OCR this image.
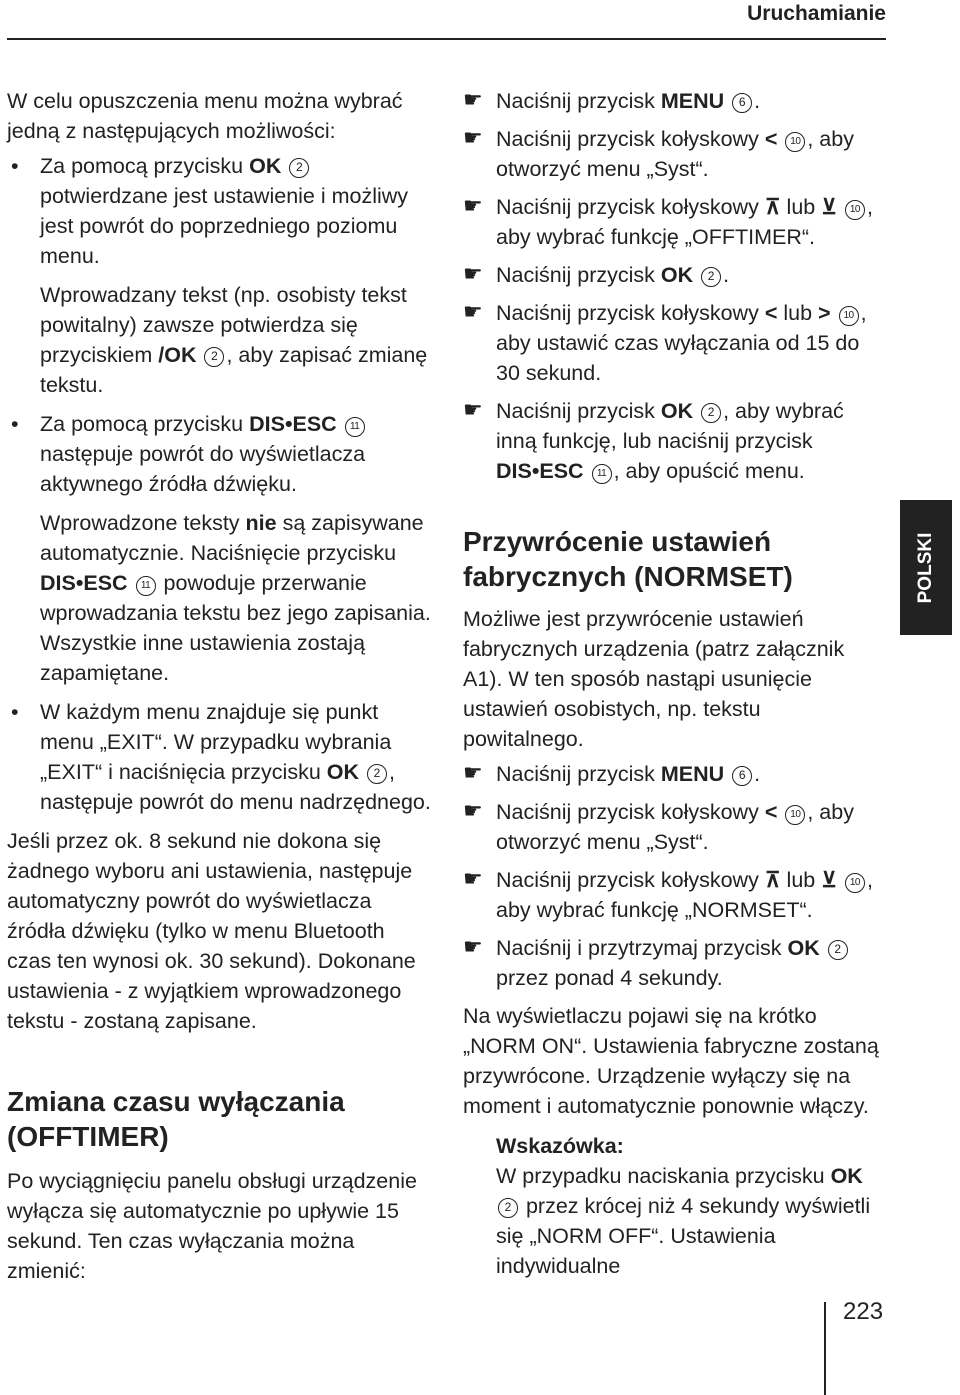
Uruchamianie

W celu opuszczenia menu można wybrać jedną z następujących możliwości:

• Za pomocą przycisku OK 2 potwierdzane jest ustawienie i możliwy jest powrót do poprzedniego poziomu menu.
Wprowadzany tekst (np. osobisty tekst powitalny) zawsze potwierdza się przyciskiem /OK 2 , aby zapisać zmianę tekstu.
• Za pomocą przycisku DIS•ESC 11 następuje powrót do wyświetlacza aktywnego źródła dźwięku.
Wprowadzone teksty nie są zapisywane automatycznie. Naciśnięcie przycisku DIS•ESC 11 powoduje przerwanie wprowadzania tekstu bez jego zapisania. Wszystkie inne ustawienia zostają zapamiętane.
• W każdym menu znajduje się punkt menu „EXIT“. W przypadku wybrania „EXIT“ i naciśnięcia przycisku OK 2 , następuje powrót do menu nadrzędnego.

Jeśli przez ok. 8 sekund nie dokona się żadnego wyboru ani ustawienia, następuje automatyczny powrót do wyświetlacza źródła dźwięku (tylko w menu Bluetooth czas ten wynosi ok. 30 sekund). Dokonane ustawienia - z wyjątkiem wprowadzonego tekstu - zostaną zapisane.

Zmiana czasu wyłączania (OFFTIMER)

Po wyciągnięciu panelu obsługi urządzenie wyłącza się automatycznie po upływie 15 sekund. Ten czas wyłączania można zmienić:

☛ Naciśnij przycisk MENU 6 .
☛ Naciśnij przycisk kołyskowy < 10 , aby otworzyć menu „Syst“.
☛ Naciśnij przycisk kołyskowy ⊼ lub ⊻ 10 , aby wybrać funkcję „OFFTIMER“.
☛ Naciśnij przycisk OK 2 .
☛ Naciśnij przycisk kołyskowy < lub > 10 , aby ustawić czas wyłączania od 15 do 30 sekund.
☛ Naciśnij przycisk OK 2 , aby wybrać inną funkcję, lub naciśnij przycisk DIS•ESC 11 , aby opuścić menu.
Przywrócenie ustawień fabrycznych (NORMSET)

Możliwe jest przywrócenie ustawień fabrycznych urządzenia (patrz załącznik A1). W ten sposób nastąpi usunięcie ustawień osobistych, np. tekstu powitalnego.

☛ Naciśnij przycisk MENU 6 .
☛ Naciśnij przycisk kołyskowy < 10 , aby otworzyć menu „Syst“.
☛ Naciśnij przycisk kołyskowy ⊼ lub ⊻ 10 , aby wybrać funkcję „NORMSET“.
☛ Naciśnij i przytrzymaj przycisk OK 2 przez ponad 4 sekundy.

Na wyświetlaczu pojawi się na krótko „NORM ON“. Ustawienia fabryczne zostaną przywrócone. Urządzenie wyłączy się na moment i automatycznie ponownie włączy.

Wskazówka:
W przypadku naciskania przycisku OK 2 przez krócej niż 4 sekundy wyświetli się „NORM OFF“. Ustawienia indywidualne
POLSKI
223
